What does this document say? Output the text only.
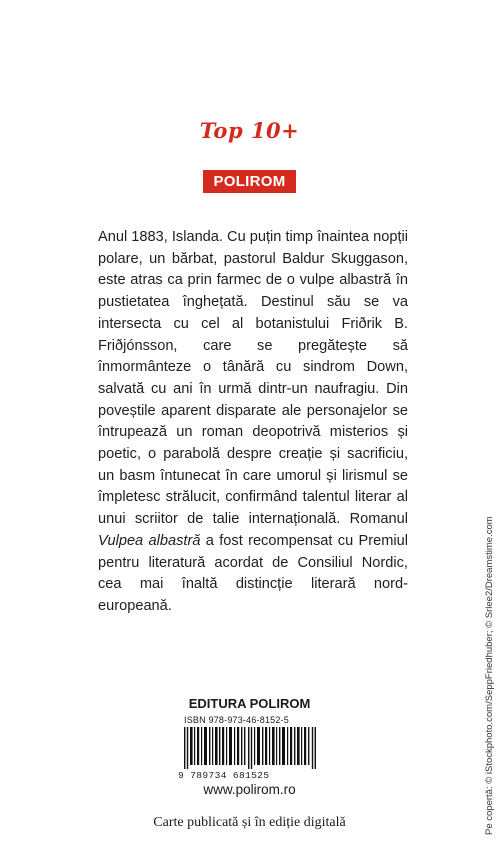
Top 10+
POLIROM

Anul 1883, Islanda. Cu puțin timp înaintea nopții polare, un bărbat, pastorul Baldur Skuggason, este atras ca prin farmec de o vulpe albastră în pustietatea înghețată. Destinul său se va intersecta cu cel al botanistului Friðrik B. Friðjónsson, care se pregătește să înmormânteze o tânără cu sindrom Down, salvată cu ani în urmă dintr-un naufragiu. Din poveștile aparent disparate ale personajelor se întrupează un roman deopotrivă misterios și poetic, o parabolă despre creație și sacrificiu, un basm întunecat în care umorul și lirismul se împletesc strălucit, confirmând talentul literar al unui scriitor de talie internațională. Romanul Vulpea albastră a fost recompensat cu Premiul pentru literatură acordat de Consiliul Nordic, cea mai înaltă distincție literară nord-europeană.

EDITURA POLIROM
ISBN 978-973-46-8152-5
9 789734 681525
www.polirom.ro
Carte publicată și în ediție digitală	Pe copertă: © iStockphoto.com/SeppFriedhuber; © Srlee2/Dreamstime.com
